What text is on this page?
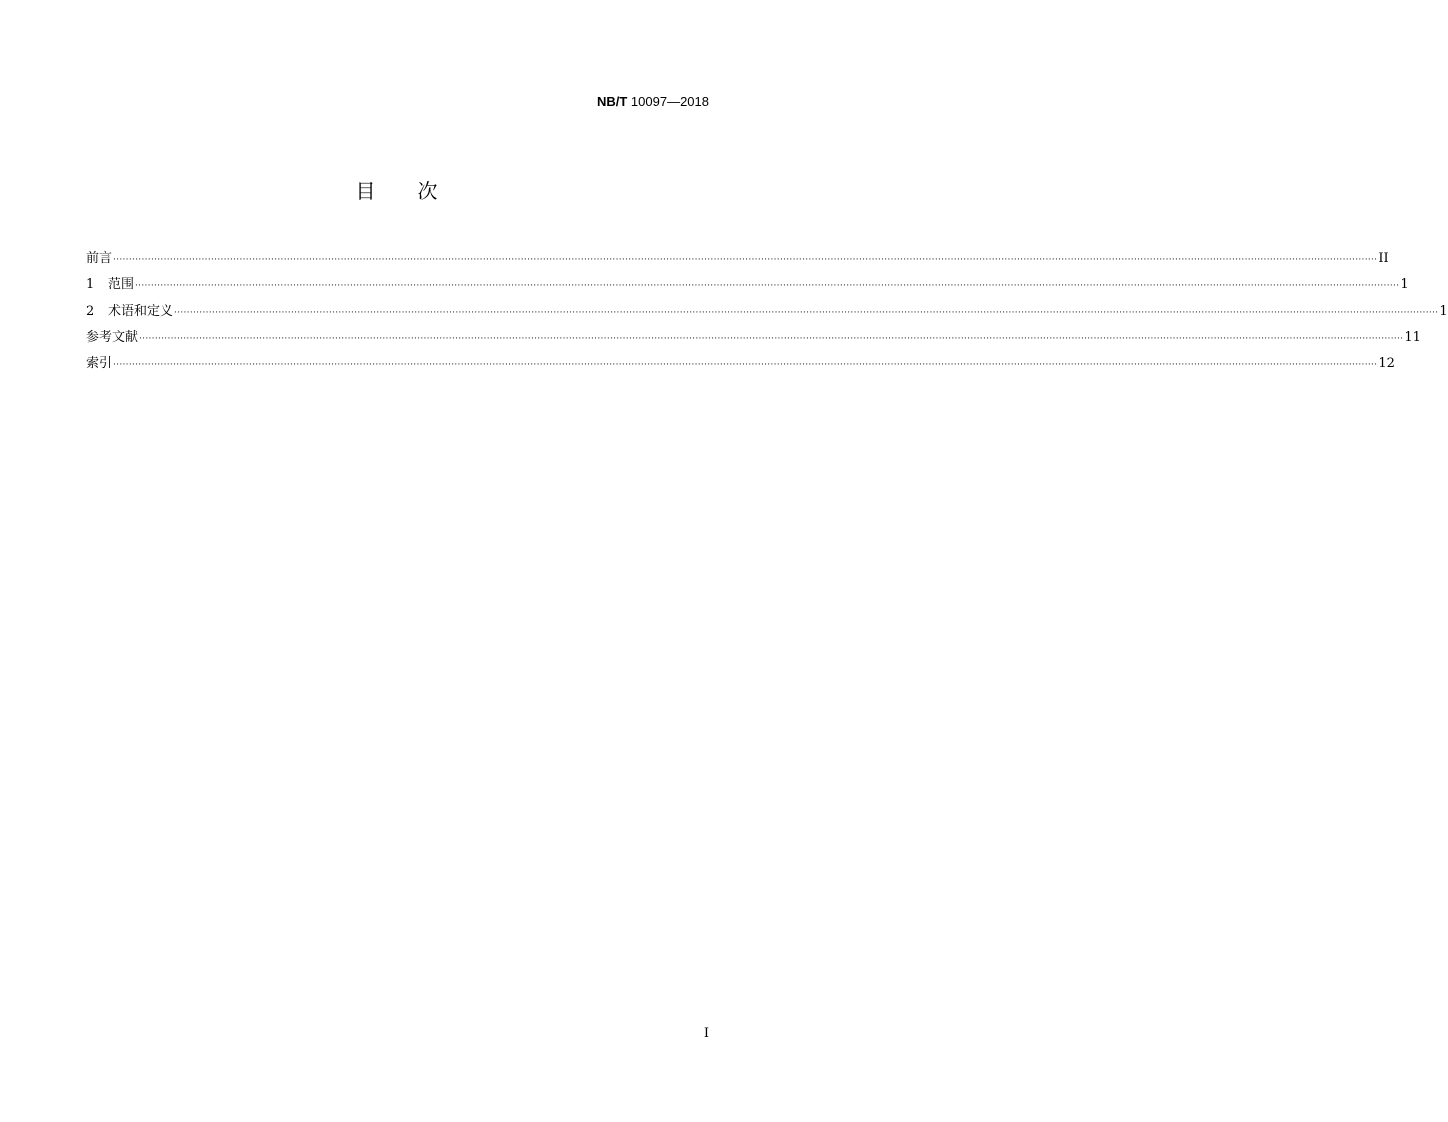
NB/T 10097—2018
目 次
前言 ················································································································································································································································································································································································································ II
1 范围 ················································································································································································································································································································································································································ 1
2 术语和定义 ················································································································································································································································································································································································································ 1
参考文献 ················································································································································································································································································································································································································ 11
索引 ················································································································································································································································································································································································································ 12
I
